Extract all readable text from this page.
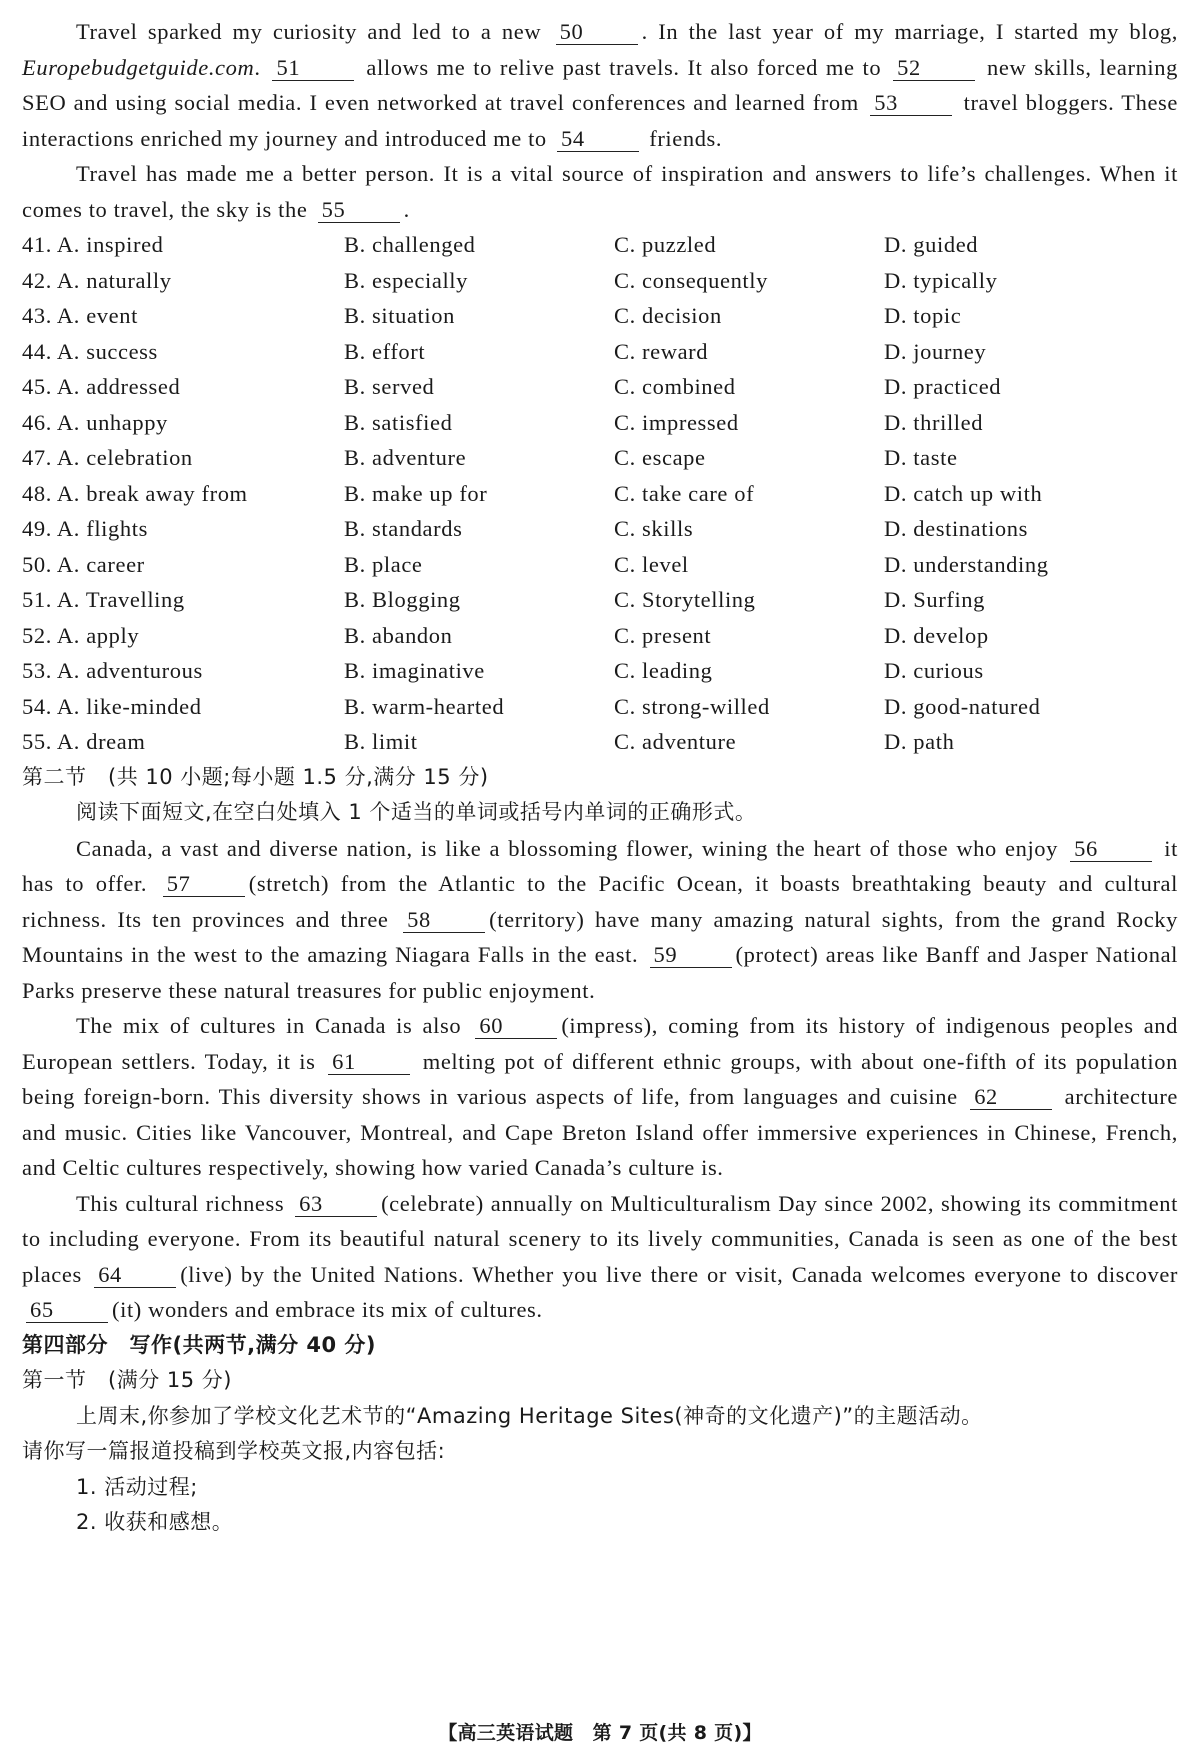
Travel sparked my curiosity and led to a new 50	. In the last year of my marriage, I started my blog, Europebudgetguide.com. 51	allows me to relive past travels. It also forced me to 52	new skills, learning SEO and using social media. I even networked at travel conferences and learned from 53	travel bloggers. These interactions enriched my journey and introduced me to 54	friends.

Travel has made me a better person. It is a vital source of inspiration and answers to life’s challenges. When it comes to travel, the sky is the 55	.

41. A. inspired	B. challenged	C. puzzled	D. guided
42. A. naturally	B. especially	C. consequently	D. typically
43. A. event	B. situation	C. decision	D. topic
44. A. success	B. effort	C. reward	D. journey
45. A. addressed	B. served	C. combined	D. practiced
46. A. unhappy	B. satisfied	C. impressed	D. thrilled
47. A. celebration	B. adventure	C. escape	D. taste
48. A. break away from	B. make up for	C. take care of	D. catch up with
49. A. flights	B. standards	C. skills	D. destinations
50. A. career	B. place	C. level	D. understanding
51. A. Travelling	B. Blogging	C. Storytelling	D. Surfing
52. A. apply	B. abandon	C. present	D. develop
53. A. adventurous	B. imaginative	C. leading	D. curious
54. A. like-minded	B. warm-hearted	C. strong-willed	D. good-natured
55. A. dream	B. limit	C. adventure	D. path

第二节　(共 10 小题;每小题 1.5 分,满分 15 分)

阅读下面短文,在空白处填入 1 个适当的单词或括号内单词的正确形式。

Canada, a vast and diverse nation, is like a blossoming flower, wining the heart of those who enjoy 56	it has to offer. 57	(stretch) from the Atlantic to the Pacific Ocean, it boasts breathtaking beauty and cultural richness. Its ten provinces and three 58	(territory) have many amazing natural sights, from the grand Rocky Mountains in the west to the amazing Niagara Falls in the east. 59	(protect) areas like Banff and Jasper National Parks preserve these natural treasures for public enjoyment.

The mix of cultures in Canada is also 60	(impress), coming from its history of indigenous peoples and European settlers. Today, it is 61	melting pot of different ethnic groups, with about one-fifth of its population being foreign-born. This diversity shows in various aspects of life, from languages and cuisine 62	architecture and music. Cities like Vancouver, Montreal, and Cape Breton Island offer immersive experiences in Chinese, French, and Celtic cultures respectively, showing how varied Canada’s culture is.

This cultural richness 63	(celebrate) annually on Multiculturalism Day since 2002, showing its commitment to including everyone. From its beautiful natural scenery to its lively communities, Canada is seen as one of the best places 64	(live) by the United Nations. Whether you live there or visit, Canada welcomes everyone to discover 65	(it) wonders and embrace its mix of cultures.

第四部分　写作(共两节,满分 40 分)

第一节　(满分 15 分)

上周末,你参加了学校文化艺术节的“Amazing Heritage Sites(神奇的文化遗产)”的主题活动。

请你写一篇报道投稿到学校英文报,内容包括:

1. 活动过程;

2. 收获和感想。

【高三英语试题　第 7 页(共 8 页)】
